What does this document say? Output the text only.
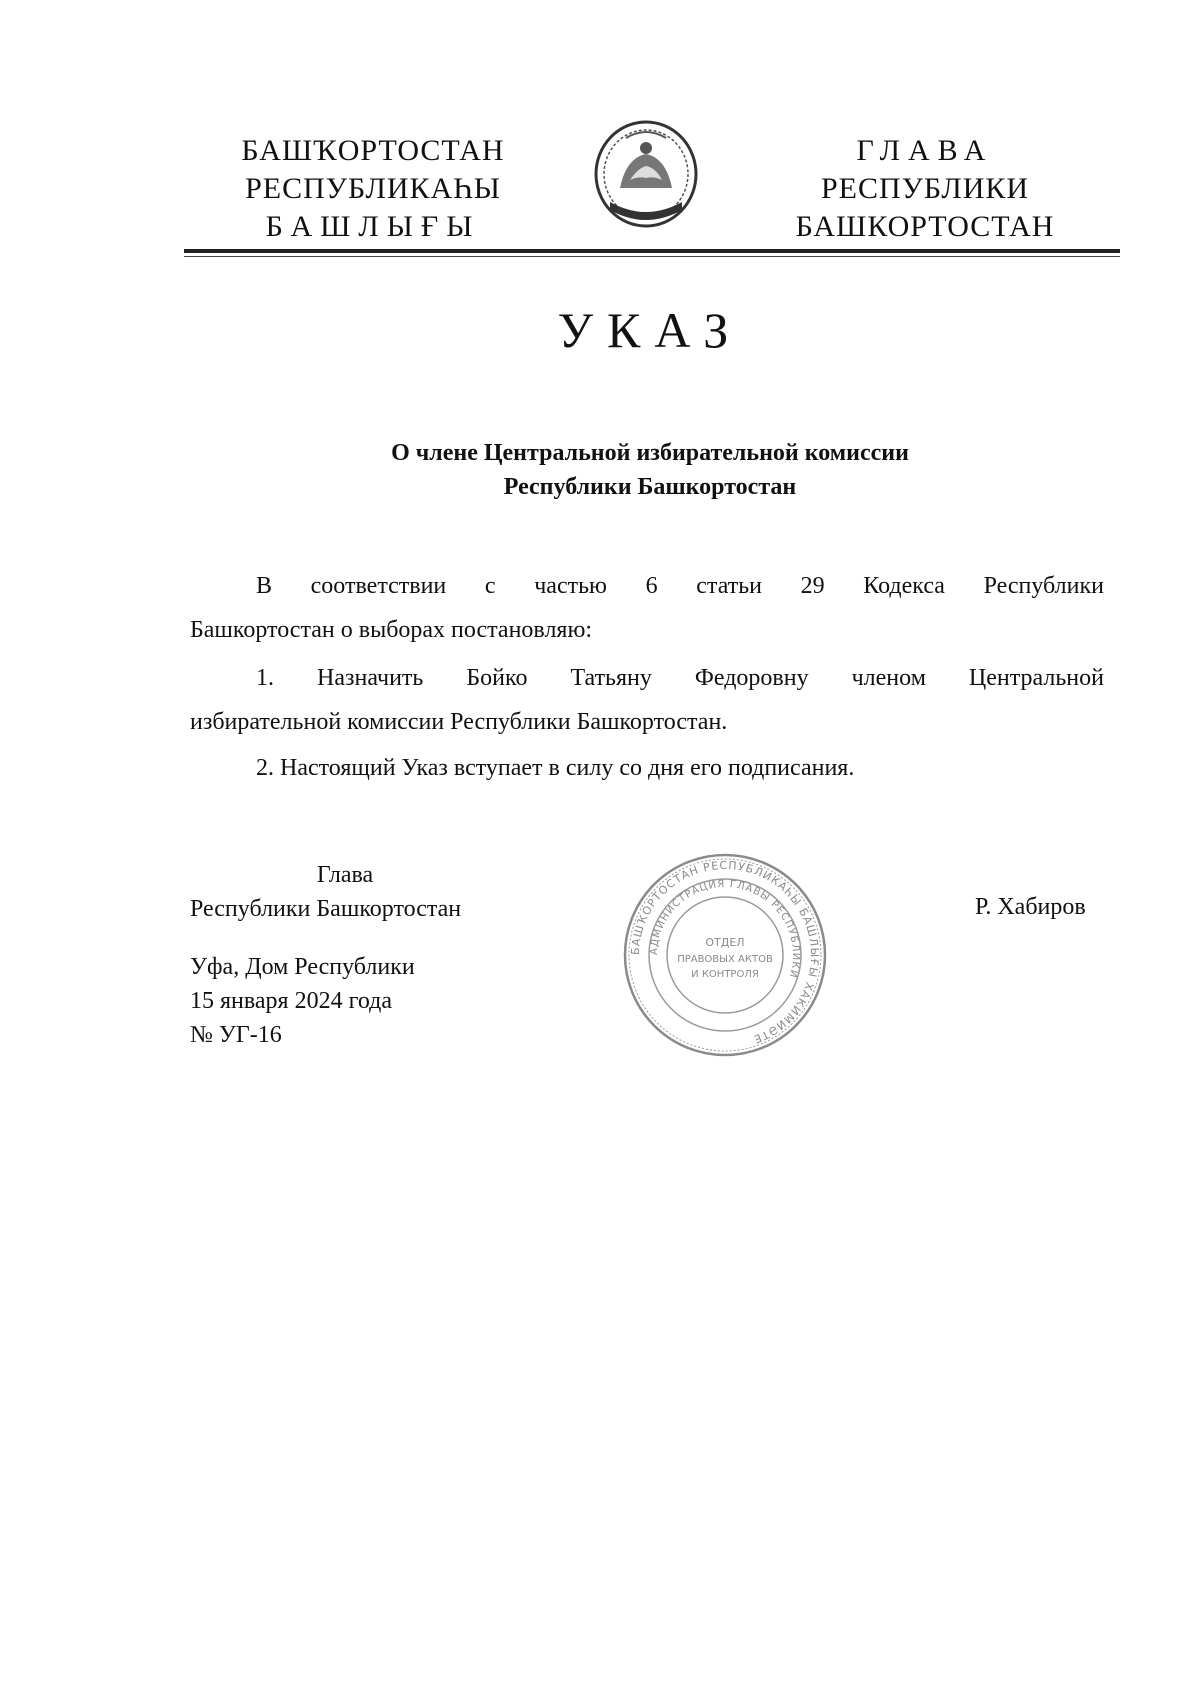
БАШҠОРТОСТАН
РЕСПУБЛИКАҺЫ
БАШЛЫҒЫ
ГЛАВА
РЕСПУБЛИКИ
БАШКОРТОСТАН
УКАЗ
О члене Центральной избирательной комиссии
Республики Башкортостан

В соответствии с частью 6 статьи 29 Кодекса Республики
Башкортостан о выборах постановляю:

1. Назначить Бойко Татьяну Федоровну членом Центральной
избирательной комиссии Республики Башкортостан.

2. Настоящий Указ вступает в силу со дня его подписания.
Глава
Республики Башкортостан	Р. Хабиров
Уфа, Дом Республики
15 января 2024 года
№ УГ-16
БАШҠОРТОСТАН РЕСПУБЛИКАҺЫ БАШЛЫҒЫ ХАКИМИӘТЕ
АДМИНИСТРАЦИЯ ГЛАВЫ РЕСПУБЛИКИ
ОТДЕЛ
ПРАВОВЫХ АКТОВ
И КОНТРОЛЯ
